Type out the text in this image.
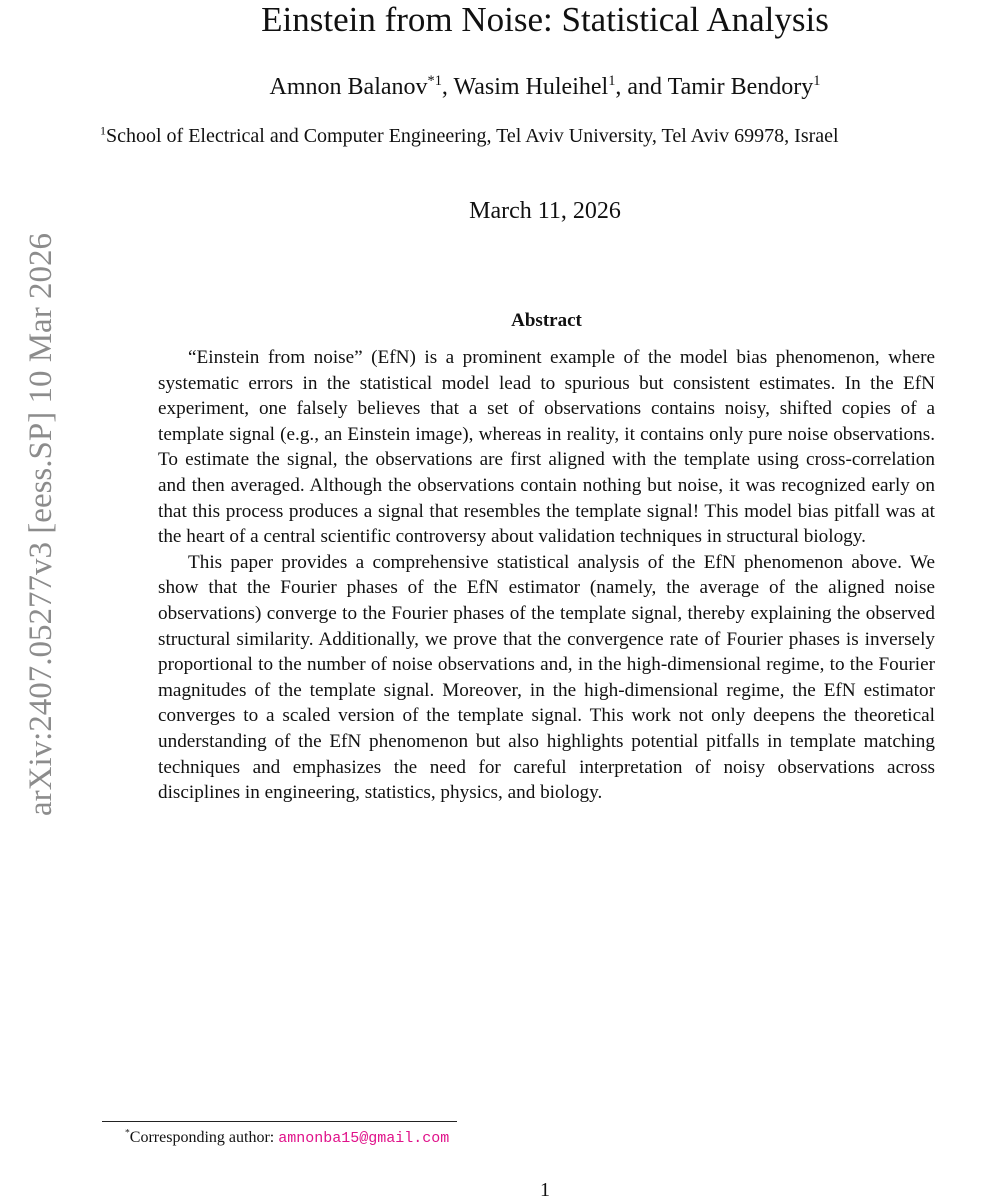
arXiv:2407.05277v3 [eess.SP] 10 Mar 2026
Einstein from Noise: Statistical Analysis
Amnon Balanov$^{*1}$, Wasim Huleihel$^1$, and Tamir Bendory$^1$
$^1$School of Electrical and Computer Engineering, Tel Aviv University, Tel Aviv 69978, Israel
March 11, 2026
Abstract

“Einstein from noise” (EfN) is a prominent example of the model bias phenomenon, where systematic errors in the statistical model lead to spurious but consistent estimates. In the EfN experiment, one falsely believes that a set of observations contains noisy, shifted copies of a template signal (e.g., an Einstein image), whereas in reality, it contains only pure noise observations. To estimate the signal, the observations are first aligned with the template using cross-correlation and then averaged. Although the observations contain nothing but noise, it was recognized early on that this process produces a signal that resembles the template signal! This model bias pitfall was at the heart of a central scientific controversy about validation techniques in structural biology.

This paper provides a comprehensive statistical analysis of the EfN phenomenon above. We show that the Fourier phases of the EfN estimator (namely, the average of the aligned noise observations) converge to the Fourier phases of the template signal, thereby explaining the observed structural similarity. Additionally, we prove that the convergence rate of Fourier phases is inversely proportional to the number of noise observations and, in the high-dimensional regime, to the Fourier magnitudes of the template signal. Moreover, in the high-dimensional regime, the EfN estimator converges to a scaled version of the template signal. This work not only deepens the theoretical understanding of the EfN phenomenon but also highlights potential pitfalls in template matching techniques and emphasizes the need for careful interpretation of noisy observations across disciplines in engineering, statistics, physics, and biology.

*Corresponding author: amnonba15@gmail.com
1
